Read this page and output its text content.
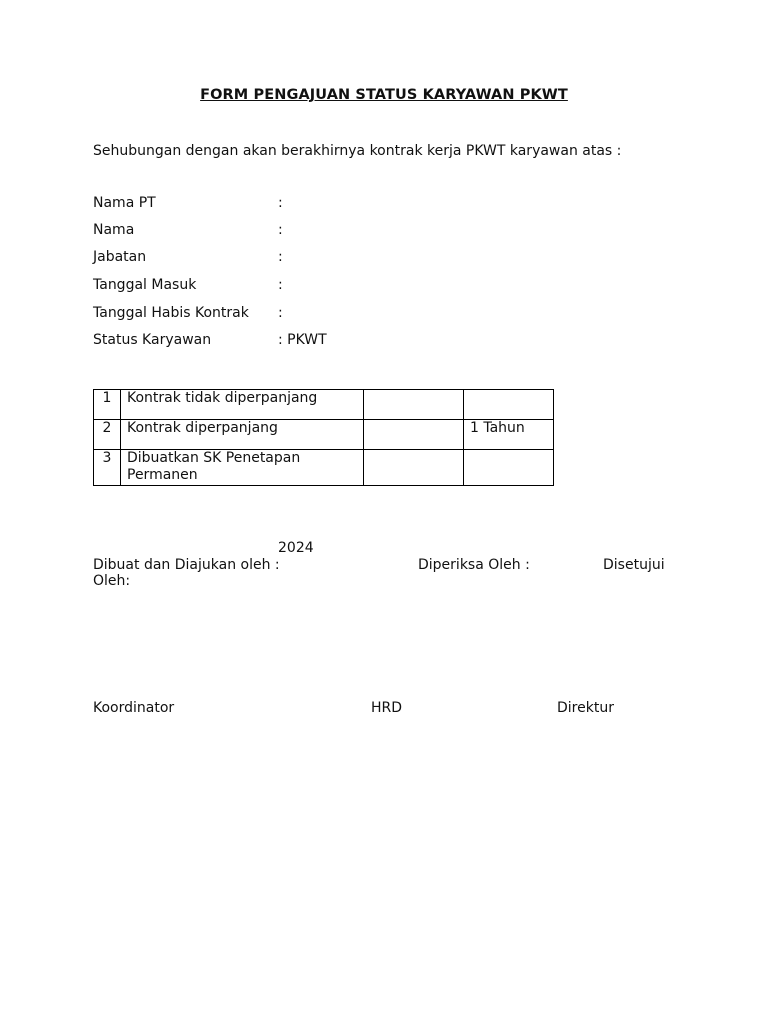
FORM PENGAJUAN STATUS KARYAWAN PKWT
Sehubungan dengan akan berakhirnya kontrak kerja PKWT karyawan atas :
Nama PT	:
Nama	:
Jabatan	:
Tanggal Masuk	:
Tanggal Habis Kontrak :
Status Karyawan	: PKWT
1	Kontrak tidak diperpanjang		
2	Kontrak diperpanjang		1 Tahun
3	Dibuatkan SK Penetapan Permanen		
2024
Dibuat dan Diajukan oleh :	Diperiksa Oleh :	Disetujui
Oleh:
Koordinator	HRD	Direktur
